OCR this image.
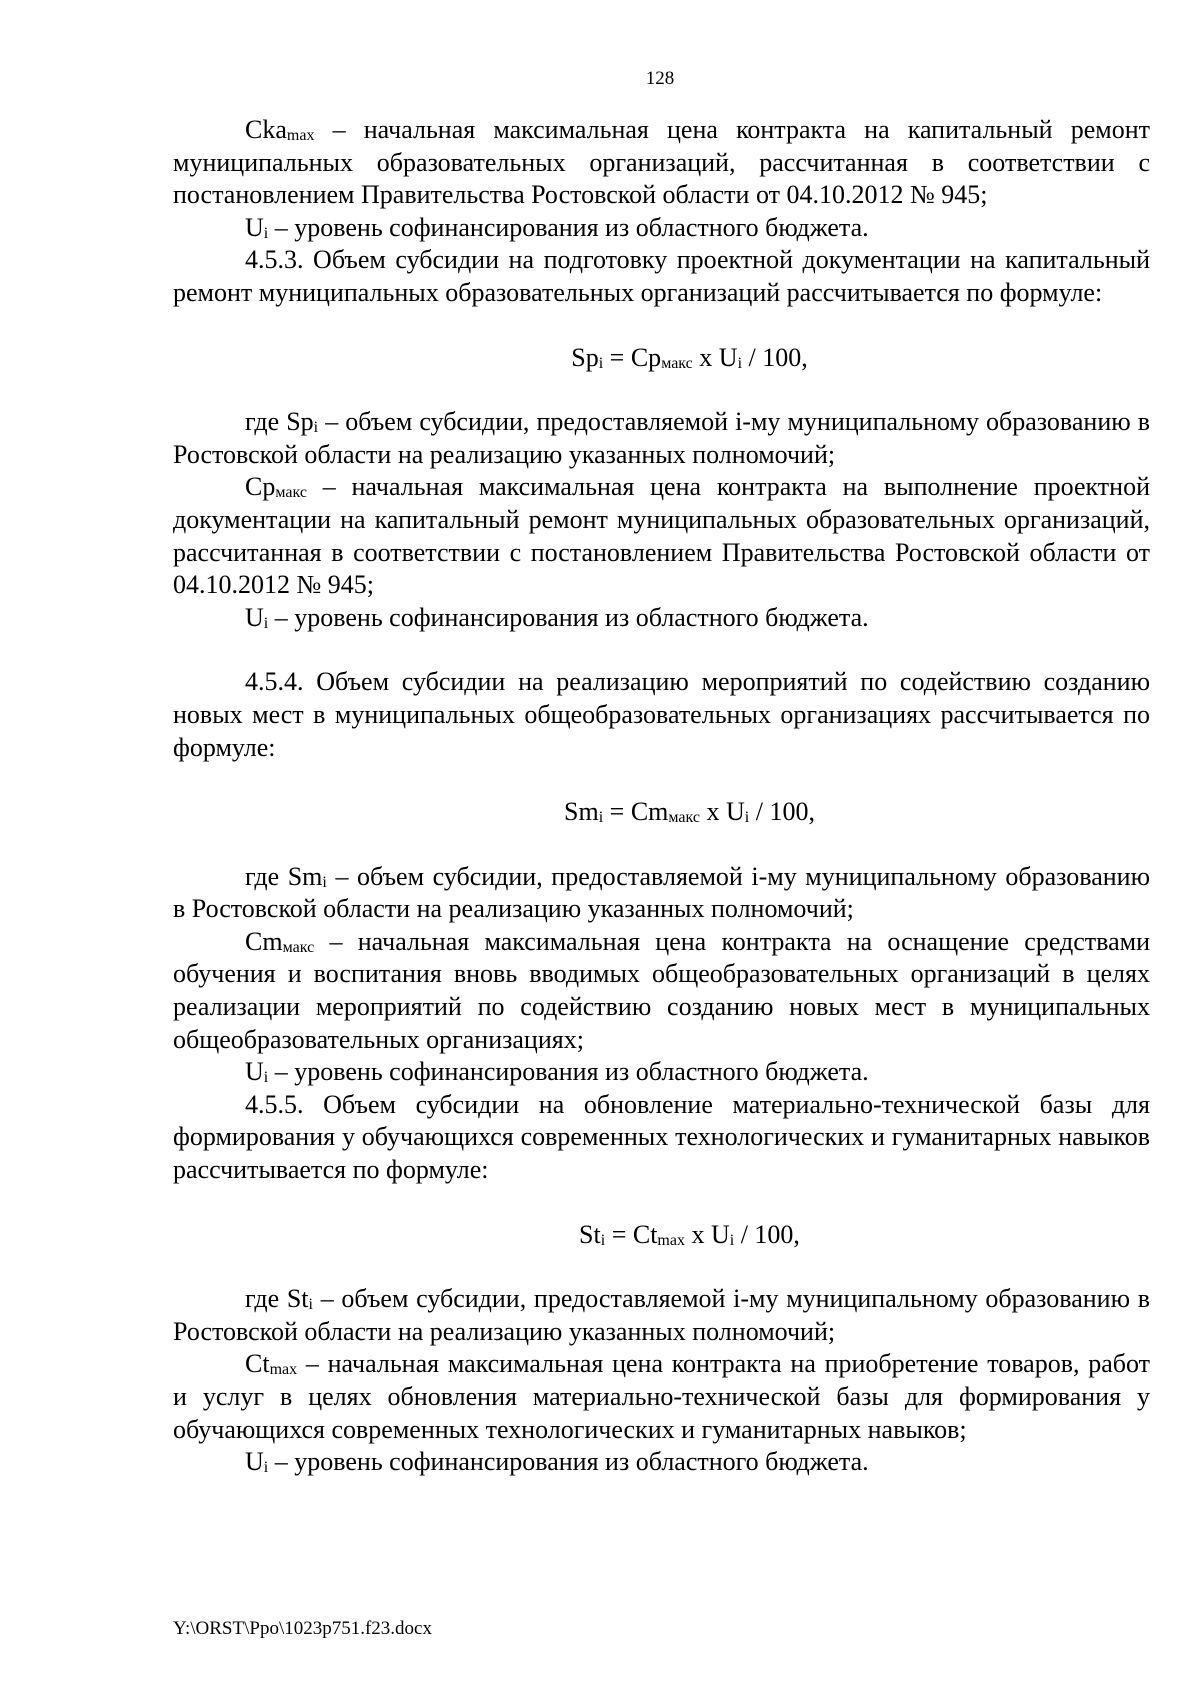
128

Cka$_{max}$ – начальная максимальная цена контракта на капитальный ремонт муниципальных образовательных организаций, рассчитанная в соответствии с постановлением Правительства Ростовской области от 04.10.2012 № 945;

$U_i$ – уровень софинансирования из областного бюджета.

4.5.3. Объем субсидии на подготовку проектной документации на капитальный ремонт муниципальных образовательных организаций рассчитывается по формуле:

$Sp_i = Cp_{макс}$ x $U_i / 100$,

где $Sp_i$ – объем субсидии, предоставляемой i-му муниципальному образованию в Ростовской области на реализацию указанных полномочий;

$Cp_{макс}$ – начальная максимальная цена контракта на выполнение проектной документации на капитальный ремонт муниципальных образовательных организаций, рассчитанная в соответствии с постановлением Правительства Ростовской области от 04.10.2012 № 945;

$U_i$ – уровень софинансирования из областного бюджета.

4.5.4. Объем субсидии на реализацию мероприятий по содействию созданию новых мест в муниципальных общеобразовательных организациях рассчитывается по формуле:

$Sm_i = Cm_{макс}$ x $U_i / 100$,

где $Sm_i$ – объем субсидии, предоставляемой i-му муниципальному образованию в Ростовской области на реализацию указанных полномочий;

$Cm_{макс}$ – начальная максимальная цена контракта на оснащение средствами обучения и воспитания вновь вводимых общеобразовательных организаций в целях реализации мероприятий по содействию созданию новых мест в муниципальных общеобразовательных организациях;

$U_i$ – уровень софинансирования из областного бюджета.

4.5.5. Объем субсидии на обновление материально-технической базы для формирования у обучающихся современных технологических и гуманитарных навыков рассчитывается по формуле:

$St_i = Ct_{max}$ x $U_i / 100$,

где $St_i$ – объем субсидии, предоставляемой i-му муниципальному образованию в Ростовской области на реализацию указанных полномочий;

$Ct_{max}$ – начальная максимальная цена контракта на приобретение товаров, работ и услуг в целях обновления материально-технической базы для формирования у обучающихся современных технологических и гуманитарных навыков;

$U_i$ – уровень софинансирования из областного бюджета.

Y:\ORST\Ppo\1023p751.f23.docx
